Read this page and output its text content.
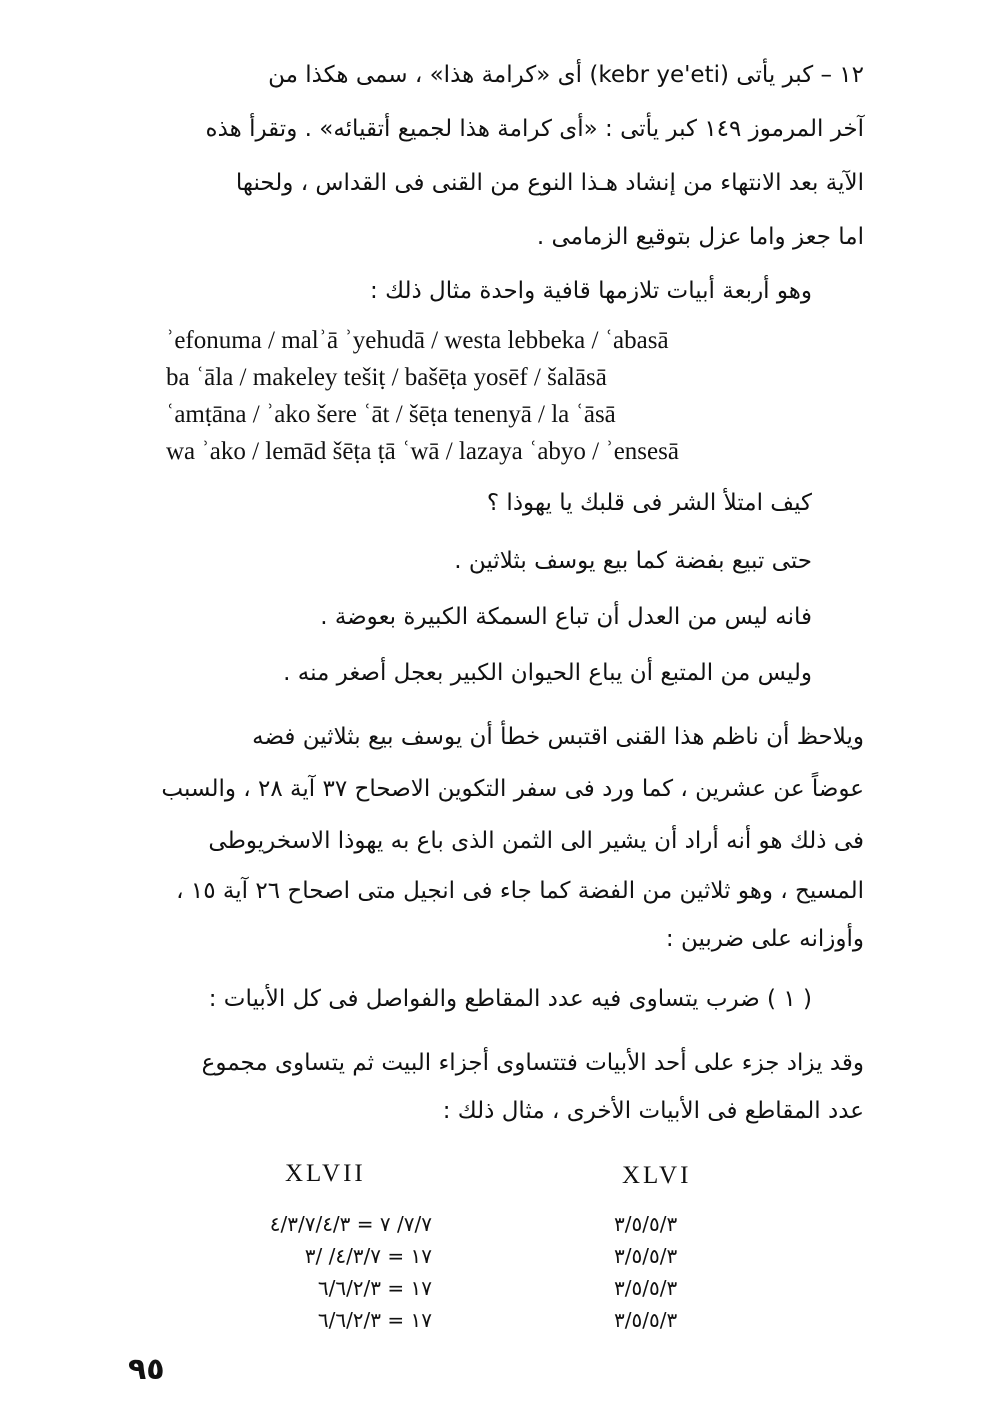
١٢ – كبر يأتى (kebr ye'eti) أى «كرامة هذا» ، سمى هكذا من

آخر المرموز ١٤٩ كبر يأتى : «أى كرامة هذا لجميع أتقيائه» . وتقرأ هذه

الآية بعد الانتهاء من إنشاد هـذا النوع من القنى فى القداس ، ولحنها

اما جعز واما عزل بتوقيع الزمامى .

وهو أربعة أبيات تلازمها قافية واحدة مثال ذلك :

ʾefonuma / malʾā ʾyehudā / westa lebbeka / ʿabasā

ba ʿāla / makeley tešiṭ / bašēṭa yosēf / šalāsā

ʿamṭāna / ʾako šere ʿāt / šēṭa tenenyā / la ʿāsā

wa ʾako / lemād šēṭa ṭā ʿwā / lazaya ʿabyo / ʾensesā

كيف امتلأ الشر فى قلبك يا يهوذا ؟

حتى تبيع بفضة كما بيع يوسف بثلاثين .

فانه ليس من العدل أن تباع السمكة الكبيرة بعوضة .

وليس من المتبع أن يباع الحيوان الكبير بعجل أصغر منه .

ويلاحظ أن ناظم هذا القنى اقتبس خطأ أن يوسف بيع بثلاثين فضه

عوضاً عن عشرين ، كما ورد فى سفر التكوين الاصحاح ٣٧ آية ٢٨ ، والسبب

فى ذلك هو أنه أراد أن يشير الى الثمن الذى باع به يهوذا الاسخريوطى

المسيح ، وهو ثلاثين من الفضة كما جاء فى انجيل متى اصحاح ٢٦ آية ١٥ ،

وأوزانه على ضربين :

( ١ ) ضرب يتساوى فيه عدد المقاطع والفواصل فى كل الأبيات :

وقد يزاد جزء على أحد الأبيات فتتساوى أجزاء البيت ثم يتساوى مجموع

عدد المقاطع فى الأبيات الأخرى ، مثال ذلك :

XLVII	XLVI
٧/٧/ ٧ = ٤/٣/٧/٤/٣
١٧ = ٤/٣/٧/ /٣
١٧ = ٦/٦/٢/٣
١٧ = ٦/٦/٢/٣
٣/٥/٥/٣
٣/٥/٥/٣
٣/٥/٥/٣
٣/٥/٥/٣
٩٥
